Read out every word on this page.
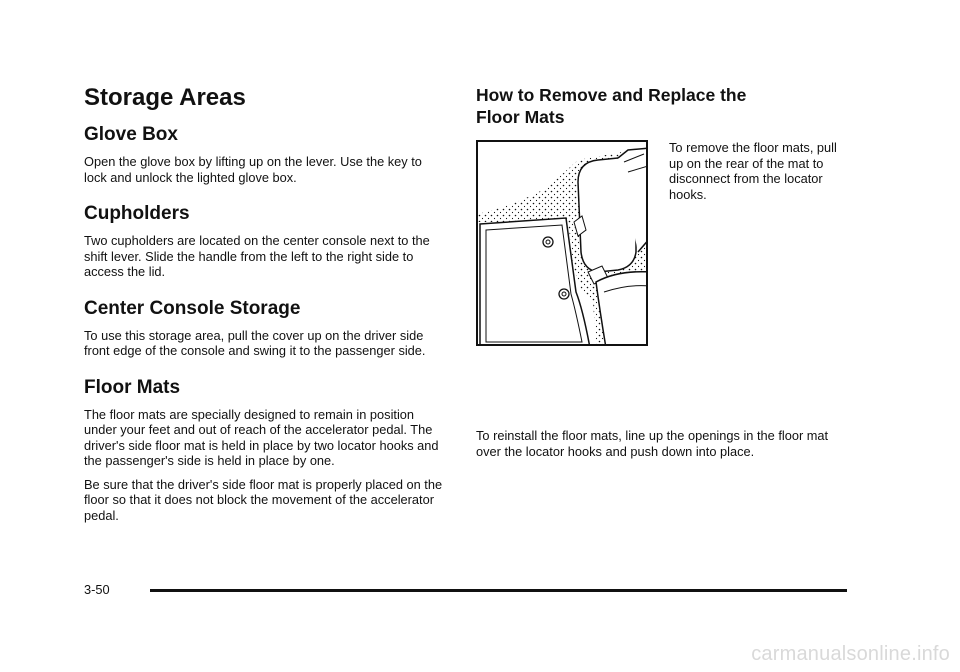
Storage Areas
Glove Box

Open the glove box by lifting up on the lever. Use the key to lock and unlock the lighted glove box.

Cupholders

Two cupholders are located on the center console next to the shift lever. Slide the handle from the left to the right side to access the lid.

Center Console Storage

To use this storage area, pull the cover up on the driver side front edge of the console and swing it to the passenger side.

Floor Mats

The floor mats are specially designed to remain in position under your feet and out of reach of the accelerator pedal. The driver's side floor mat is held in place by two locator hooks and the passenger's side is held in place by one.

Be sure that the driver's side floor mat is properly placed on the floor so that it does not block the movement of the accelerator pedal.

How to Remove and Replace the
Floor Mats

To remove the floor mats, pull up on the rear of the mat to disconnect from the locator hooks.

To reinstall the floor mats, line up the openings in the floor mat over the locator hooks and push down into place.

3-50
carmanualsonline.info
